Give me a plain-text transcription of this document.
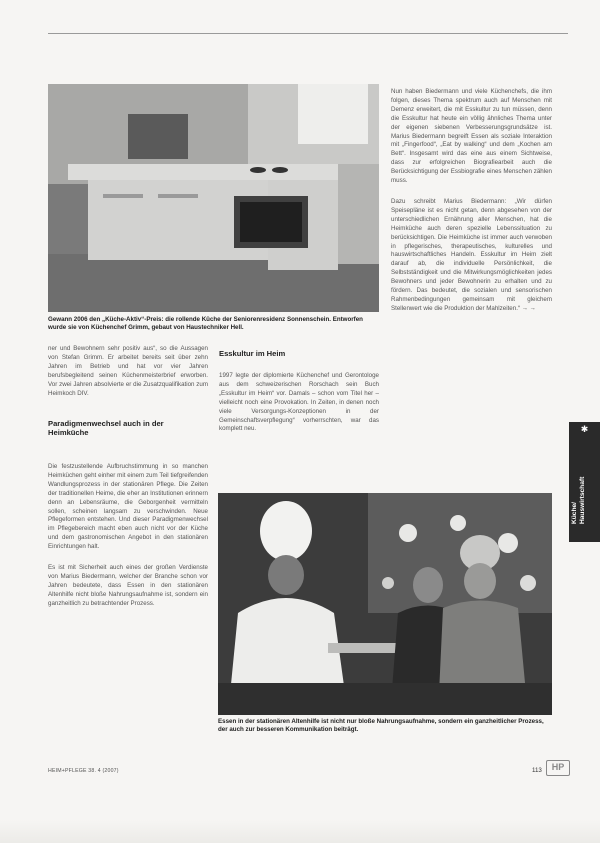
Gewann 2006 den „Küche-Aktiv“-Preis: die rollende Küche der Seniorenresidenz Sonnenschein. Entworfen wurde sie von Küchenchef Grimm, gebaut von Haustechniker Hell.

ner und Bewohnern sehr positiv aus“, so die Aussagen von Stefan Grimm. Er arbeitet bereits seit über zehn Jahren im Betrieb und hat vor vier Jahren berufsbegleitend seinen Küchenmeisterbrief erworben. Vor zwei Jahren absolvierte er die Zusatzqualifikation zum Heimkoch DIV.

Paradigmenwechsel auch in der Heimküche

Die festzustellende Aufbruchstimmung in so manchen Heimküchen geht einher mit einem zum Teil tiefgreifenden Wandlungsprozess in der stationären Pflege. Die Zeiten der traditionellen Heime, die eher an Institutionen erinnern denn an Lebensräume, die Geborgenheit vermitteln sollen, scheinen langsam zu verschwinden. Neue Pflegeformen entstehen. Und dieser Paradigmenwechsel im Pflegebereich macht eben auch nicht vor der Küche und dem gastronomischen Angebot in den stationären Einrichtungen halt.

Es ist mit Sicherheit auch eines der großen Verdienste von Marius Biedermann, welcher der Branche schon vor Jahren bedeutete, dass Essen in den stationären Altenhilfe nicht bloße Nahrungsaufnahme ist, sondern ein ganzheitlich zu betrachtender Prozess.

Esskultur im Heim

1997 legte der diplomierte Küchenchef und Gerontologe aus dem schweizerischen Rorschach sein Buch „Esskultur im Heim“ vor. Damals – schon vom Titel her – vielleicht noch eine Provokation. In Zeiten, in denen noch viele Versorgungs-Konzeptionen in der Gemeinschaftsverpflegung“ vorherrschten, war das komplett neu.

Nun haben Biedermann und viele Küchenchefs, die ihm folgen, dieses Thema spektrum auch auf Menschen mit Demenz erweitert, die mit Esskultur zu tun müssen, denn die Esskultur hat heute ein völlig ähnliches Thema unter der eigenen siebenen Verbesserungsgrundsätze ist. Marius Biedermann begreift Essen als soziale Interaktion mit „Fingerfood“, „Eat by walking“ und dem „Kochen am Bett“. Insgesamt wird das eine aus einem Sichtweise, dass zur erfolgreichen Biografiearbeit auch die Berücksichtigung der Essbiografie eines Menschen zählen muss.

Dazu schreibt Marius Biedermann: „Wir dürfen Speisepläne ist es nicht getan, denn abgesehen von der unterschiedlichen Ernährung aller Menschen, hat die Heimküche auch deren spezielle Lebenssituation zu berücksichtigen. Die Heimküche ist immer auch verwoben in pflegerisches, therapeutisches, kulturelles und hauswirtschaftliches Handeln. Esskultur im Heim zielt darauf ab, die individuelle Persönlichkeit, die Selbstständigkeit und die Mitwirkungsmöglichkeiten jedes Bewohners und jeder Bewohnerin zu erhalten und zu fördern. Das bedeutet, die sozialen und sensorischen Rahmenbedingungen gemeinsam mit gleichem Stellenwert wie die Produktion der Mahlzeiten.“ → →

Essen in der stationären Altenhilfe ist nicht nur bloße Nahrungsaufnahme, sondern ein ganzheitlicher Prozess, der auch zur besseren Kommunikation beiträgt.
✱
Küche/
Hauswirtschaft
HEIM+PFLEGE 38. 4 (2007)	113	HP
